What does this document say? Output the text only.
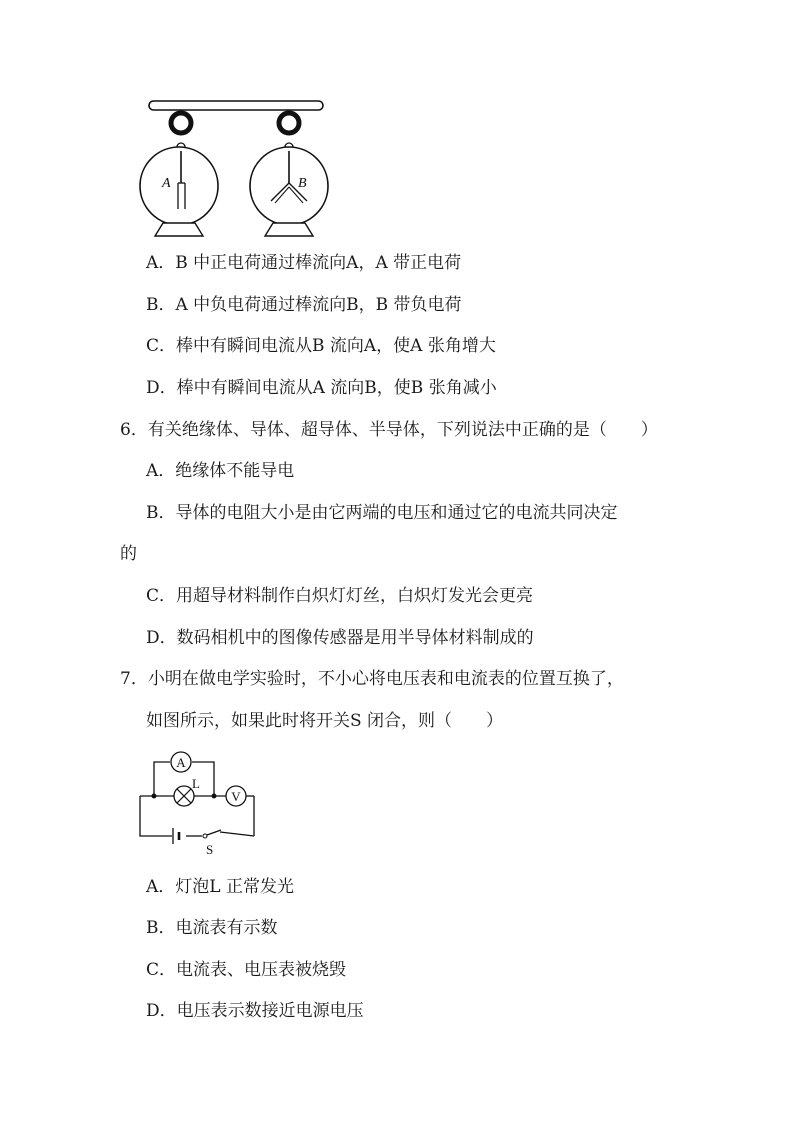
A	B
A．B 中正电荷通过棒流向A，A 带正电荷
B．A 中负电荷通过棒流向B，B 带负电荷
C．棒中有瞬间电流从B 流向A，使A 张角增大
D．棒中有瞬间电流从A 流向B，使B 张角减小
6．有关绝缘体、导体、超导体、半导体，下列说法中正确的是（　　）
A．绝缘体不能导电
B．导体的电阻大小是由它两端的电压和通过它的电流共同决定
的
C．用超导材料制作白炽灯灯丝，白炽灯发光会更亮
D．数码相机中的图像传感器是用半导体材料制成的
7．小明在做电学实验时，不小心将电压表和电流表的位置互换了，
如图所示，如果此时将开关S 闭合，则（　　）
A
L
V
S
A．灯泡L 正常发光
B．电流表有示数
C．电流表、电压表被烧毁
D．电压表示数接近电源电压
